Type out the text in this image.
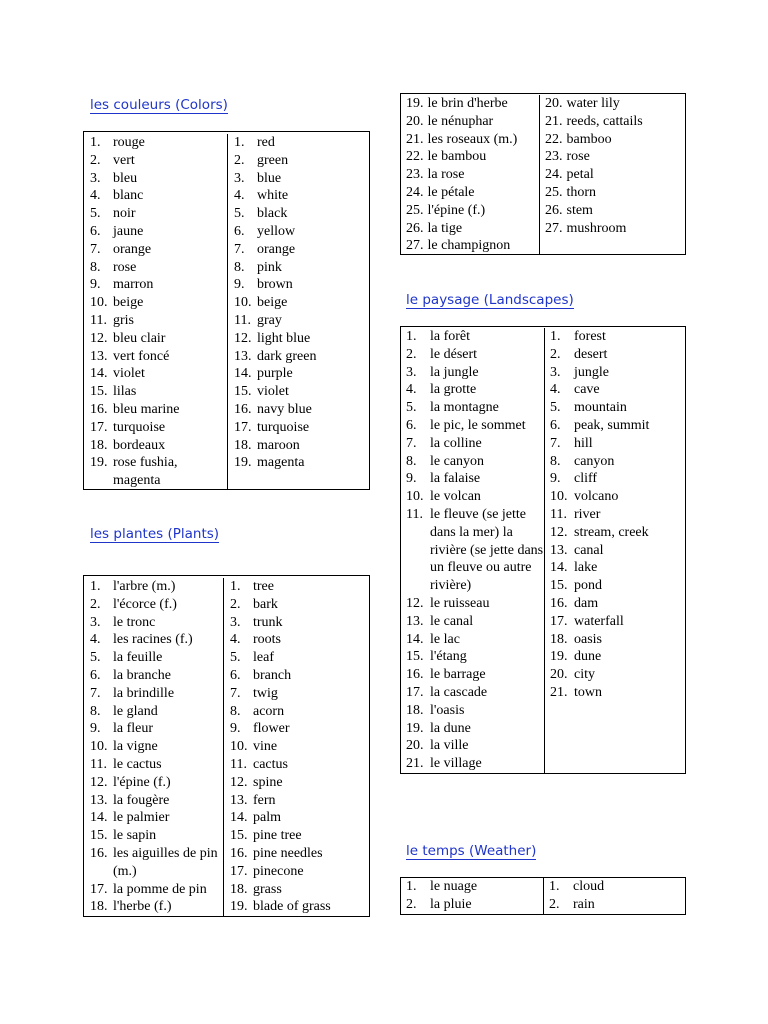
les couleurs (Colors)
1. rouge
2. vert
3. bleu
4. blanc
5. noir
6. jaune
7. orange
8. rose
9. marron
10. beige
11. gris
12. bleu clair
13. vert foncé
14. violet
15. lilas
16. bleu marine
17. turquoise
18. bordeaux
19. rose fushia, magenta
1. red
2. green
3. blue
4. white
5. black
6. yellow
7. orange
8. pink
9. brown
10. beige
11. gray
12. light blue
13. dark green
14. purple
15. violet
16. navy blue
17. turquoise
18. maroon
19. magenta
les plantes (Plants)
1. l'arbre (m.)
2. l'écorce (f.)
3. le tronc
4. les racines (f.)
5. la feuille
6. la branche
7. la brindille
8. le gland
9. la fleur
10. la vigne
11. le cactus
12. l'épine (f.)
13. la fougère
14. le palmier
15. le sapin
16. les aiguilles de pin (m.)
17. la pomme de pin
18. l'herbe (f.)
1. tree
2. bark
3. trunk
4. roots
5. leaf
6. branch
7. twig
8. acorn
9. flower
10. vine
11. cactus
12. spine
13. fern
14. palm
15. pine tree
16. pine needles
17. pinecone
18. grass
19. blade of grass
19. le brin d'herbe
20. le nénuphar
21. les roseaux (m.)
22. le bambou
23. la rose
24. le pétale
25. l'épine (f.)
26. la tige
27. le champignon
20. water lily
21. reeds, cattails
22. bamboo
23. rose
24. petal
25. thorn
26. stem
27. mushroom
le paysage (Landscapes)
1. la forêt
2. le désert
3. la jungle
4. la grotte
5. la montagne
6. le pic, le sommet
7. la colline
8. le canyon
9. la falaise
10. le volcan
11. le fleuve (se jette dans la mer) la rivière (se jette dans un fleuve ou autre rivière)
12. le ruisseau
13. le canal
14. le lac
15. l'étang
16. le barrage
17. la cascade
18. l'oasis
19. la dune
20. la ville
21. le village
1. forest
2. desert
3. jungle
4. cave
5. mountain
6. peak, summit
7. hill
8. canyon
9. cliff
10. volcano
11. river
12. stream, creek
13. canal
14. lake
15. pond
16. dam
17. waterfall
18. oasis
19. dune
20. city
21. town
le temps (Weather)
1. le nuage
2. la pluie
1. cloud
2. rain
